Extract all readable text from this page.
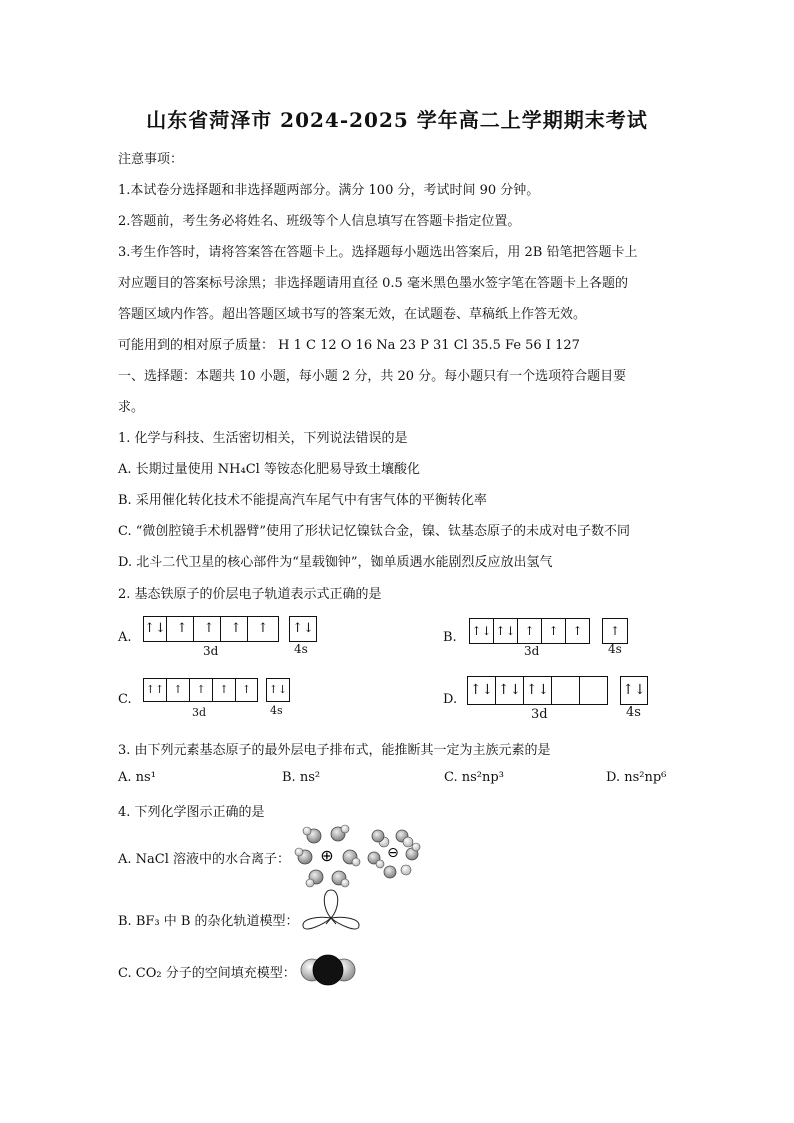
山东省菏泽市 2024-2025 学年高二上学期期末考试
注意事项：
1.本试卷分选择题和非选择题两部分。满分 100 分，考试时间 90 分钟。
2.答题前，考生务必将姓名、班级等个人信息填写在答题卡指定位置。
3.考生作答时，请将答案答在答题卡上。选择题每小题选出答案后，用 2B 铅笔把答题卡上
对应题目的答案标号涂黑；非选择题请用直径 0.5 毫米黑色墨水签字笔在答题卡上各题的
答题区域内作答。超出答题区域书写的答案无效，在试题卷、草稿纸上作答无效。
可能用到的相对原子质量： H 1 C 12 O 16 Na 23 P 31 Cl 35.5 Fe 56 I 127
一、选择题：本题共 10 小题，每小题 2 分，共 20 分。每小题只有一个选项符合题目要
求。
1. 化学与科技、生活密切相关，下列说法错误的是
A. 长期过量使用 NH₄Cl 等铵态化肥易导致土壤酸化
B. 采用催化转化技术不能提高汽车尾气中有害气体的平衡转化率
C. “微创腔镜手术机器臂”使用了形状记忆镍钛合金，镍、钛基态原子的未成对电子数不同
D. 北斗二代卫星的核心部件为“星载铷钟”，铷单质遇水能剧烈反应放出氢气
2. 基态铁原子的价层电子轨道表示式正确的是
A.
↑↓ ↑	↑	↑	↑	↑↓
3d	4s
B. ↑↓ ↑↓ ↑	↑	↑	↑
3d	4s
C.
↑↑ ↑	↑	↑	↑	↑↓
3d	4s
D.
↑↓ ↑↓ ↑↓	↑↓
3d	4s
3. 由下列元素基态原子的最外层电子排布式，能推断其一定为主族元素的是
A. ns¹	B. ns²	C. ns²np³	D. ns²np⁶
4. 下列化学图示正确的是
A. NaCl 溶液中的水合离子： ⊕	⊖
B. BF₃ 中 B 的杂化轨道模型：
C. CO₂ 分子的空间填充模型：
